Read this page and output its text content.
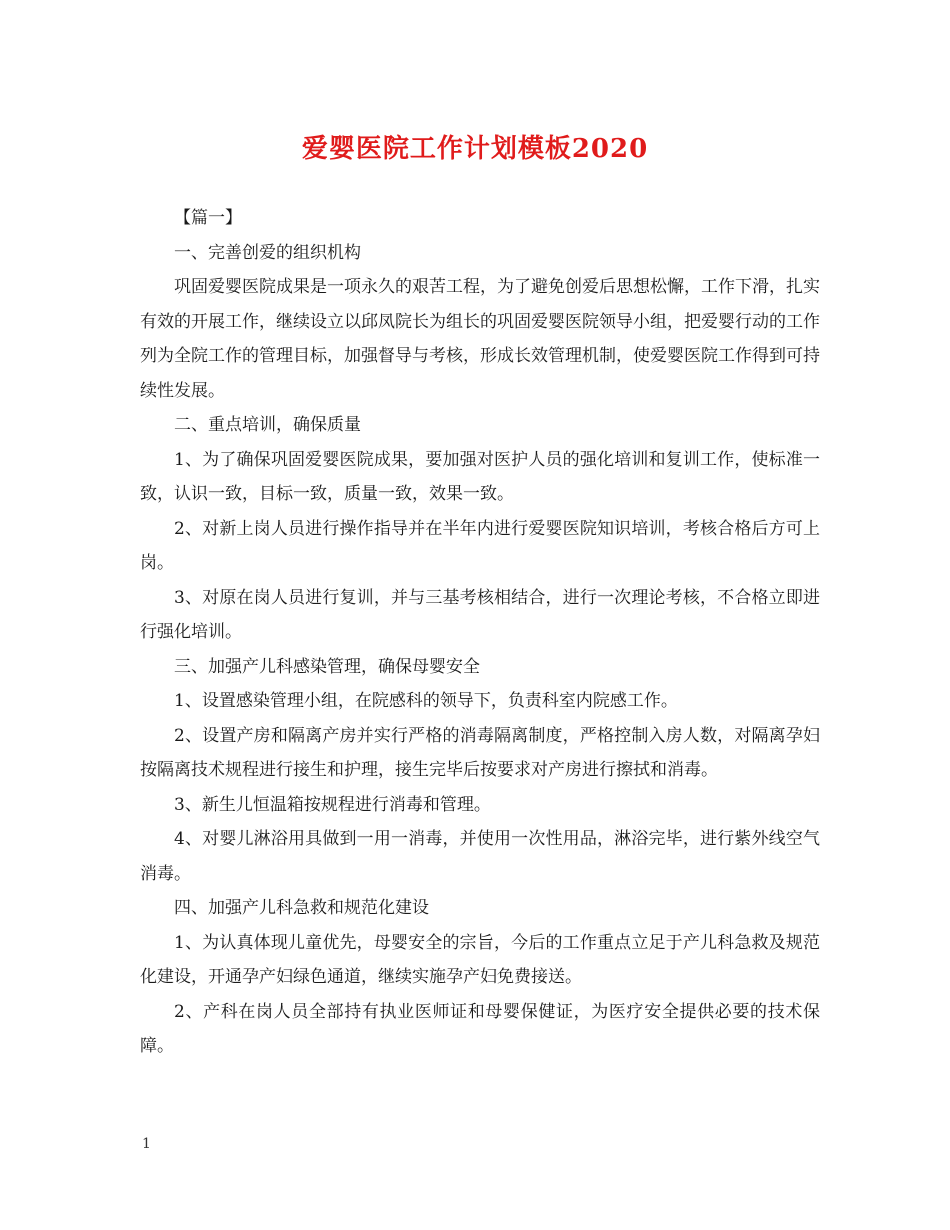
爱婴医院工作计划模板2020

【篇一】

一、完善创爱的组织机构

巩固爱婴医院成果是一项永久的艰苦工程，为了避免创爱后思想松懈，工作下滑，扎实有效的开展工作，继续设立以邱凤院长为组长的巩固爱婴医院领导小组，把爱婴行动的工作列为全院工作的管理目标，加强督导与考核，形成长效管理机制，使爱婴医院工作得到可持续性发展。

二、重点培训，确保质量

1、为了确保巩固爱婴医院成果，要加强对医护人员的强化培训和复训工作，使标准一致，认识一致，目标一致，质量一致，效果一致。

2、对新上岗人员进行操作指导并在半年内进行爱婴医院知识培训，考核合格后方可上岗。

3、对原在岗人员进行复训，并与三基考核相结合，进行一次理论考核，不合格立即进行强化培训。

三、加强产儿科感染管理，确保母婴安全

1、设置感染管理小组，在院感科的领导下，负责科室内院感工作。

2、设置产房和隔离产房并实行严格的消毒隔离制度，严格控制入房人数，对隔离孕妇按隔离技术规程进行接生和护理，接生完毕后按要求对产房进行擦拭和消毒。

3、新生儿恒温箱按规程进行消毒和管理。

4、对婴儿淋浴用具做到一用一消毒，并使用一次性用品，淋浴完毕，进行紫外线空气消毒。

四、加强产儿科急救和规范化建设

1、为认真体现儿童优先，母婴安全的宗旨，今后的工作重点立足于产儿科急救及规范化建设，开通孕产妇绿色通道，继续实施孕产妇免费接送。

2、产科在岗人员全部持有执业医师证和母婴保健证，为医疗安全提供必要的技术保障。

1
